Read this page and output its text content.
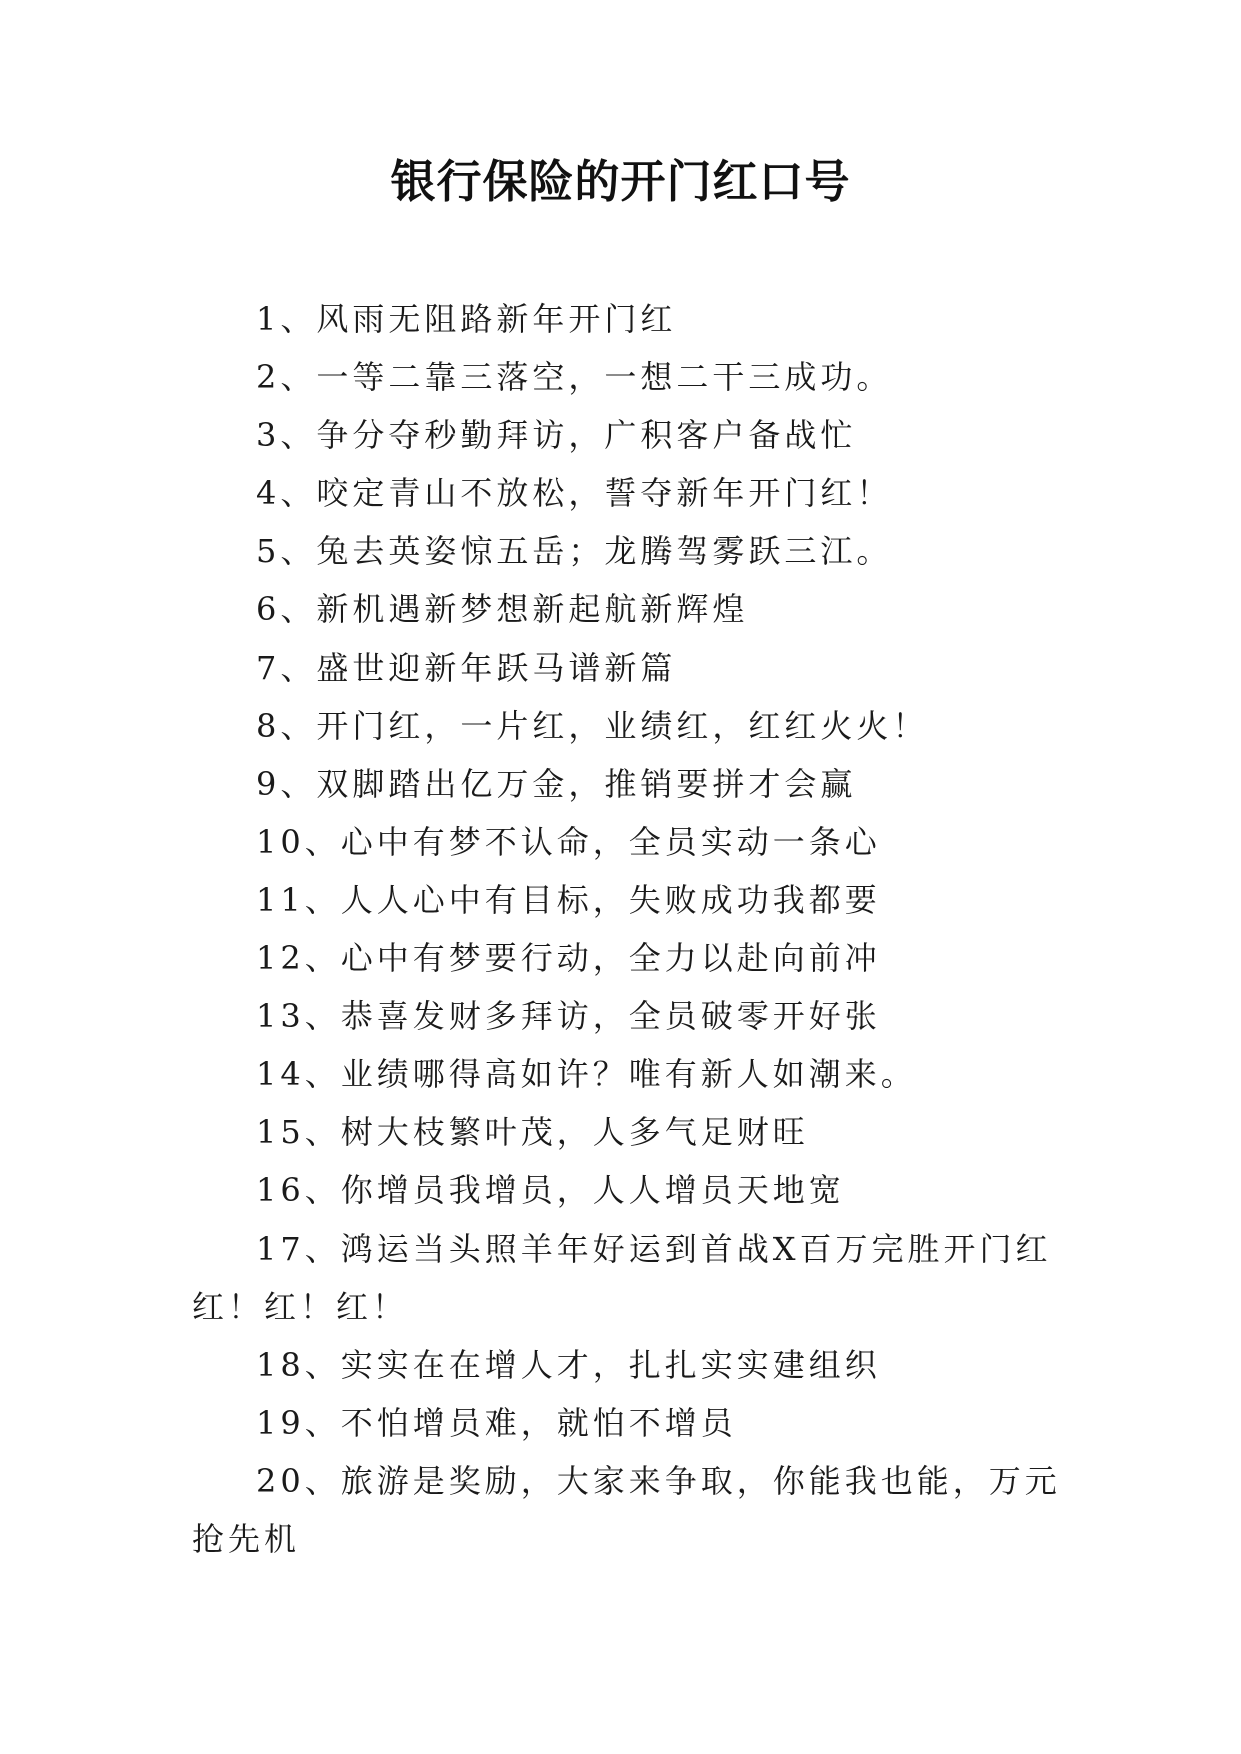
银行保险的开门红口号

1、风雨无阻路新年开门红

2、一等二靠三落空，一想二干三成功。

3、争分夺秒勤拜访，广积客户备战忙

4、咬定青山不放松，誓夺新年开门红！

5、兔去英姿惊五岳；龙腾驾雾跃三江。

6、新机遇新梦想新起航新辉煌

7、盛世迎新年跃马谱新篇

8、开门红，一片红，业绩红，红红火火！

9、双脚踏出亿万金，推销要拼才会赢

10、心中有梦不认命，全员实动一条心

11、人人心中有目标，失败成功我都要

12、心中有梦要行动，全力以赴向前冲

13、恭喜发财多拜访，全员破零开好张

14、业绩哪得高如许？唯有新人如潮来。

15、树大枝繁叶茂，人多气足财旺

16、你增员我增员，人人增员天地宽

17、鸿运当头照羊年好运到首战X百万完胜开门红红！红！红！

18、实实在在增人才，扎扎实实建组织

19、不怕增员难，就怕不增员

20、旅游是奖励，大家来争取，你能我也能，万元抢先机
